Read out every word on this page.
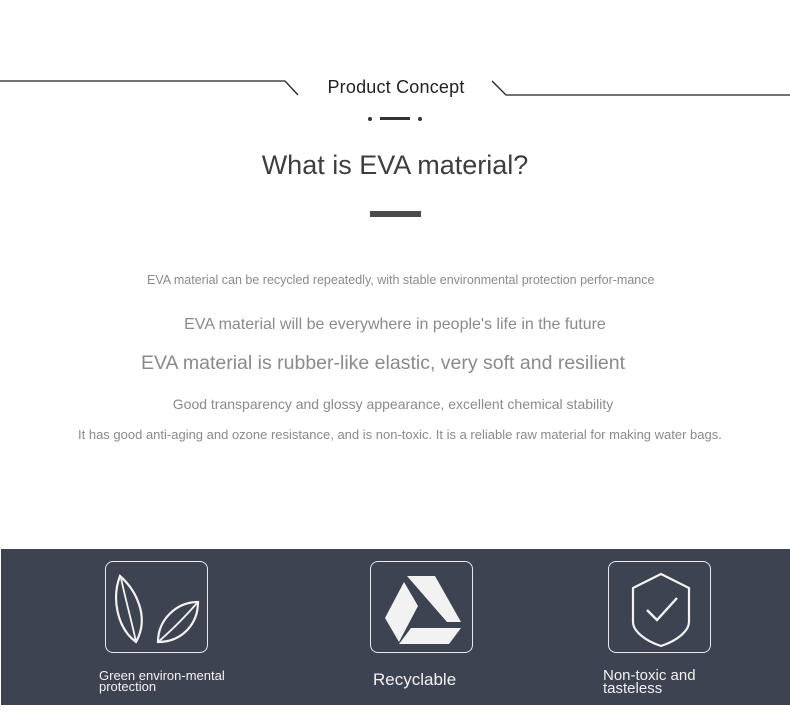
Product Concept
What is EVA material?
EVA material can be recycled repeatedly, with stable environmental protection perfor-mance
EVA material will be everywhere in people's life in the future
EVA material is rubber-like elastic, very soft and resilient
Good transparency and glossy appearance, excellent chemical stability
It has good anti-aging and ozone resistance, and is non-toxic. It is a reliable raw material for making water bags.
Green environ-mental protection	Recyclable	Non-toxic and tasteless
